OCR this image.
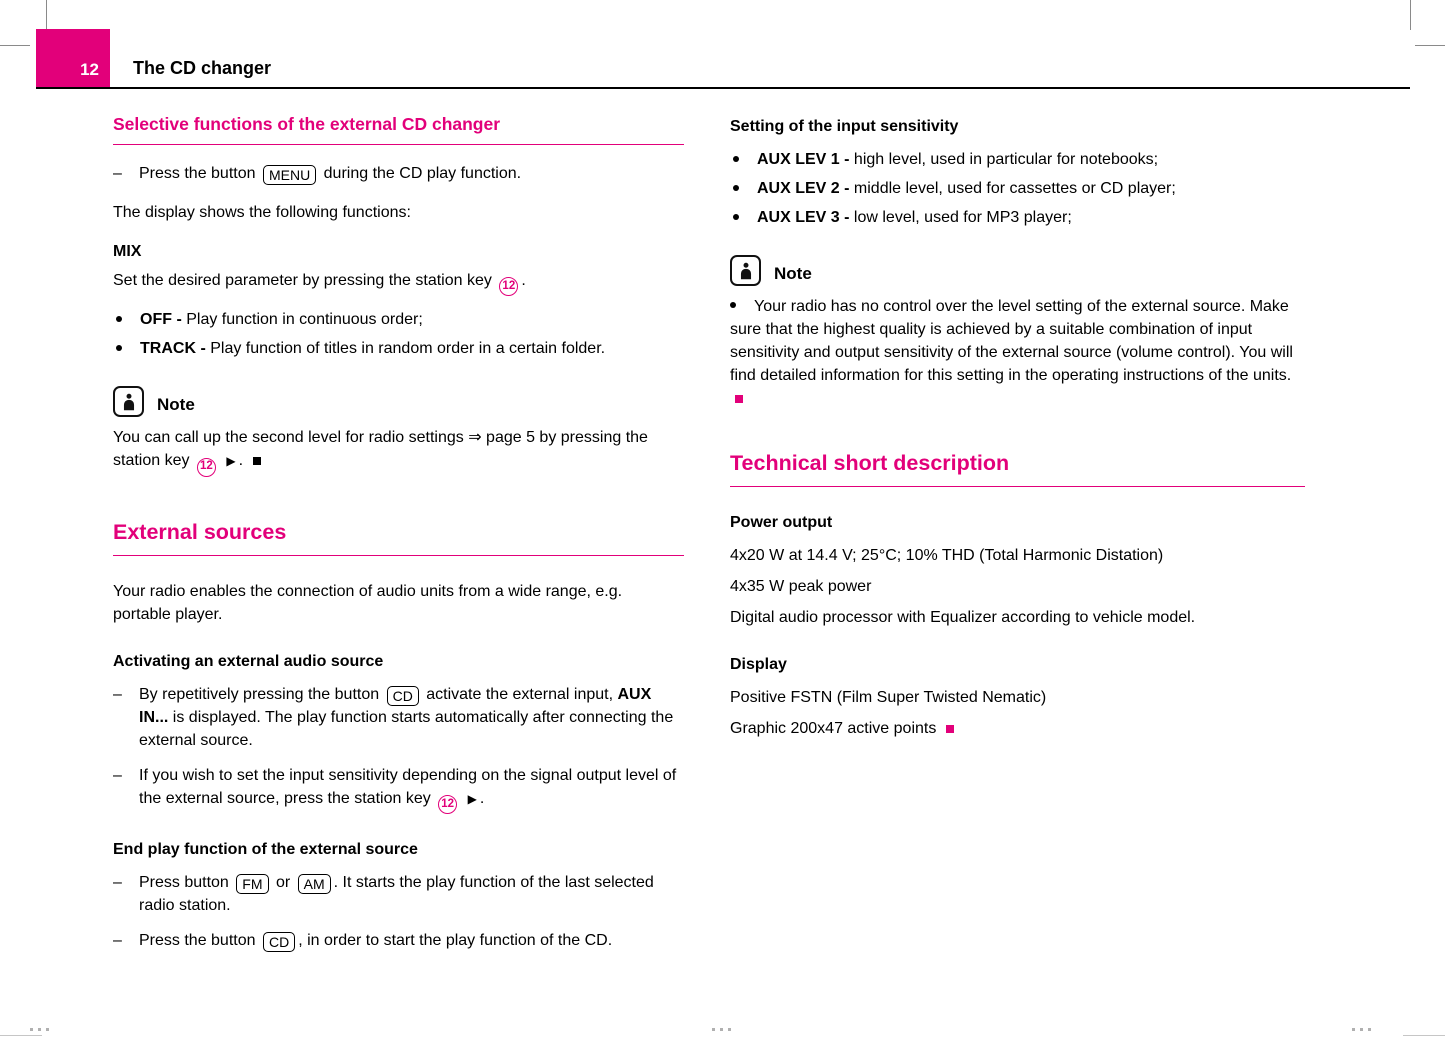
12 The CD changer
Selective functions of the external CD changer
–

Press the button MENU during the CD play function.

The display shows the following functions:

MIX

Set the desired parameter by pressing the station key 12 .

OFF - Play function in continuous order;

TRACK - Play function of titles in random order in a certain folder.

Note

You can call up the second level for radio settings ⇒ page 5 by pressing the station key 12 ▶ .

External sources

Your radio enables the connection of audio units from a wide range, e.g. portable player.

Activating an external audio source
–

By repetitively pressing the button CD activate the external input, AUX IN... is displayed. The play function starts automatically after connecting the external source.

–

If you wish to set the input sensitivity depending on the signal output level of the external source, press the station key 12 ▶ .

End play function of the external source
–

Press button FM or AM . It starts the play function of the last selected radio station.

–

Press the button CD , in order to start the play function of the CD.

Setting of the input sensitivity

AUX LEV 1 - high level, used in particular for notebooks;

AUX LEV 2 - middle level, used for cassettes or CD player;

AUX LEV 3 - low level, used for MP3 player;

Note

Your radio has no control over the level setting of the external source. Make sure that the highest quality is achieved by a suitable combination of input sensitivity and output sensitivity of the external source (volume control). You will find detailed information for this setting in the operating instructions of the units.

Technical short description
Power output

4x20 W at 14.4 V; 25°C; 10% THD (Total Harmonic Distation)

4x35 W peak power

Digital audio processor with Equalizer according to vehicle model.

Display

Positive FSTN (Film Super Twisted Nematic)

Graphic 200x47 active points
